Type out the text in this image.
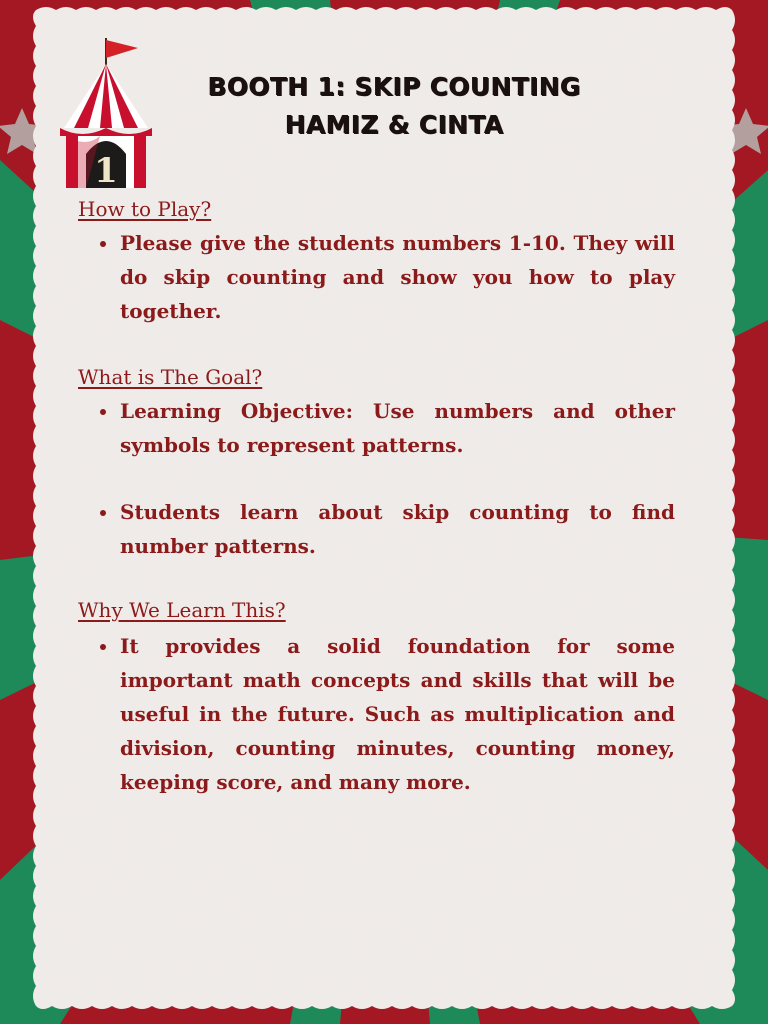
1
BOOTH 1: SKIP COUNTING
HAMIZ & CINTA
How to Play?
Please give the students numbers 1-10. They will do skip counting and show you how to play together.
What is The Goal?
Learning Objective: Use numbers and other symbols to represent patterns.
Students learn about skip counting to find number patterns.
Why We Learn This?
It provides a solid foundation for some important math concepts and skills that will be useful in the future. Such as multiplication and division, counting minutes, counting money, keeping score, and many more.
